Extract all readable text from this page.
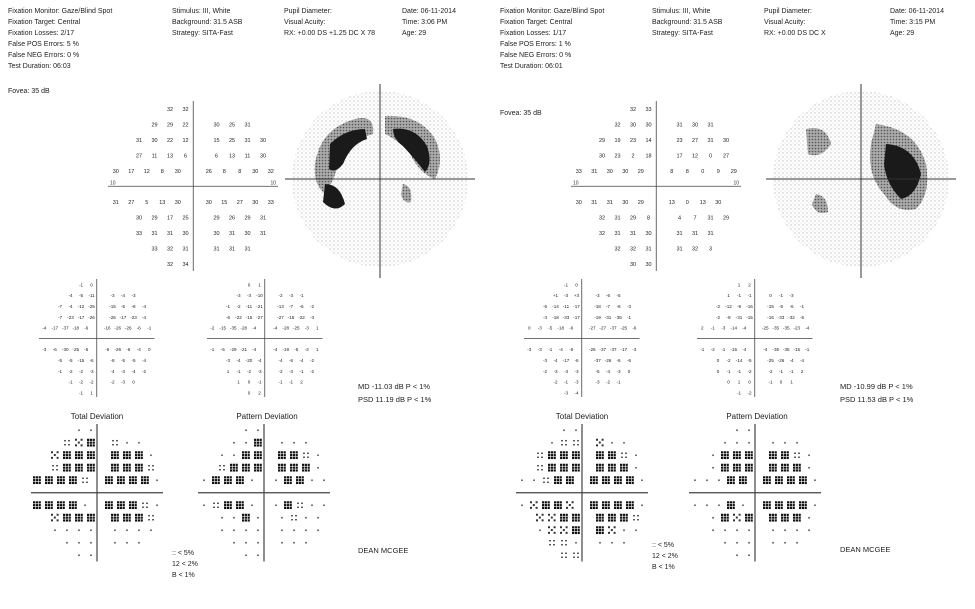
Fixation Monitor: Gaze/Blind Spot
Fixation Target: Central
Fixation Losses: 2/17
False POS Errors: 5 %
False NEG Errors: 0 %
Test Duration: 06:03
Stimulus: III, White
Background: 31.5 ASB
Strategy: SITA-Fast
Pupil Diameter:
Visual Acuity:
RX: +0.00 DS +1.25 DC X 78
Date: 06-11-2014
Time: 3:06 PM
Age: 29
Fovea: 35 dB
10	10
32 32
29 29 22	30 25 31
31 30 22 12	15 25 31 30
27 11 13 6	6 13 11 30
30 17 12 8 30	26 8 8 30 32
31 27 5 13 30	30 15 27 30 33
30 29 17 25	29 26 29 31
33 31 31 30	30 31 30 31
33 32 31	31 31 31
32 34
-1 0
-4 -5 -11	-3 -4 -3
-7 -4 -12 -25	-15 -5 -8 -4
-7 -23 -17 -26	-26 -17 -23 -4
-4 -17 -37 -18 -6	-16 -26 -26 -6 -1
-3 -6 -30 -25 -5	-6 -26 -6 -4 0
-5 -5 -15 -6	-8 -5 -5 -4
-1 -2 -2 -3	-4 -3 -4 -2
-1 -2 -2	-2 -3 0
-1 1
0 1
-3 -3 -10	-2 -3 -1
-1 -2 -11 -21	-13 -7 -6 -2
-6 -22 -15 -27	-27 -15 -22 -3
-2 -15 -35 -28 -4	-4 -28 -25 -3 1
-1 -5 -29 -21 -4	-4 -19 -5 -2 1
-3 -4 -20 -4	-4 -6 -4 -2
1 -1 -2 -3	-2 -3 -1 -2
1 0 -1	-1 -1 2
0 2
MD -11.03 dB P < 1%
PSD 11.19 dB P < 1%
Total Deviation	Pattern Deviation
:: < 5%
12 < 2%
B < 1%
DEAN MCGEE
Fixation Monitor: Gaze/Blind Spot
Fixation Target: Central
Fixation Losses: 1/17
False POS Errors: 1 %
False NEG Errors: 0 %
Test Duration: 06:01
Stimulus: III, White
Background: 31.5 ASB
Strategy: SITA-Fast
Pupil Diameter:
Visual Acuity:
RX: +0.00 DS DC X
Date: 06-11-2014
Time: 3:15 PM
Age: 29
Fovea: 35 dB
10	10
32 33
32 30 30	31 30 31
29 19 23 14	23 27 31 30
30 23 2 18	17 12 0 27
33 31 30 30 29	8 8 0 9 29
30 31 31 30 29	13 0 13 30
32 31 29 8	4 7 31 29
32 31 31 30	31 31 31
32 32 31	31 32 3
30 30
-1 0
+1 -3 +3	-3 -6 -5
-6 -14 -11 -17	-18 -7 -8 -3
-3 -18 -33 -17	-19 -31 -35 -1
0 -3 -5 -18 -6	-27 -27 -37 -25 -6
-3 -3 -1 -4 -5	-26 -37 -37 -17 -3
-3 -4 -17 -6	-37 -26 -6 -6
-2 -3 -3 -3	-5 -4 -3 0
-2 -1 -3	-3 -2 -1
-3 -4
1 2
1 -1 -1	0 -1 -3
-2 -12 -9 -16	-15 -5 -6 -1
-2 -9 -31 -15	-16 -33 -32 -5
2 -1 -3 -14 -4	-25 -35 -35 -23 -4
-1 -2 -1 -15 -4	-4 -35 -35 -15 -1
0 -2 -14 -5	-25 -26 -4 -4
0 -1 -1 -2	-2 -1 -1 2
0 1 0	-1 0 1
-1 -2
MD -10.99 dB P < 1%
PSD 11.53 dB P < 1%
Total Deviation	Pattern Deviation
:: < 5%
12 < 2%
B < 1%
DEAN MCGEE
